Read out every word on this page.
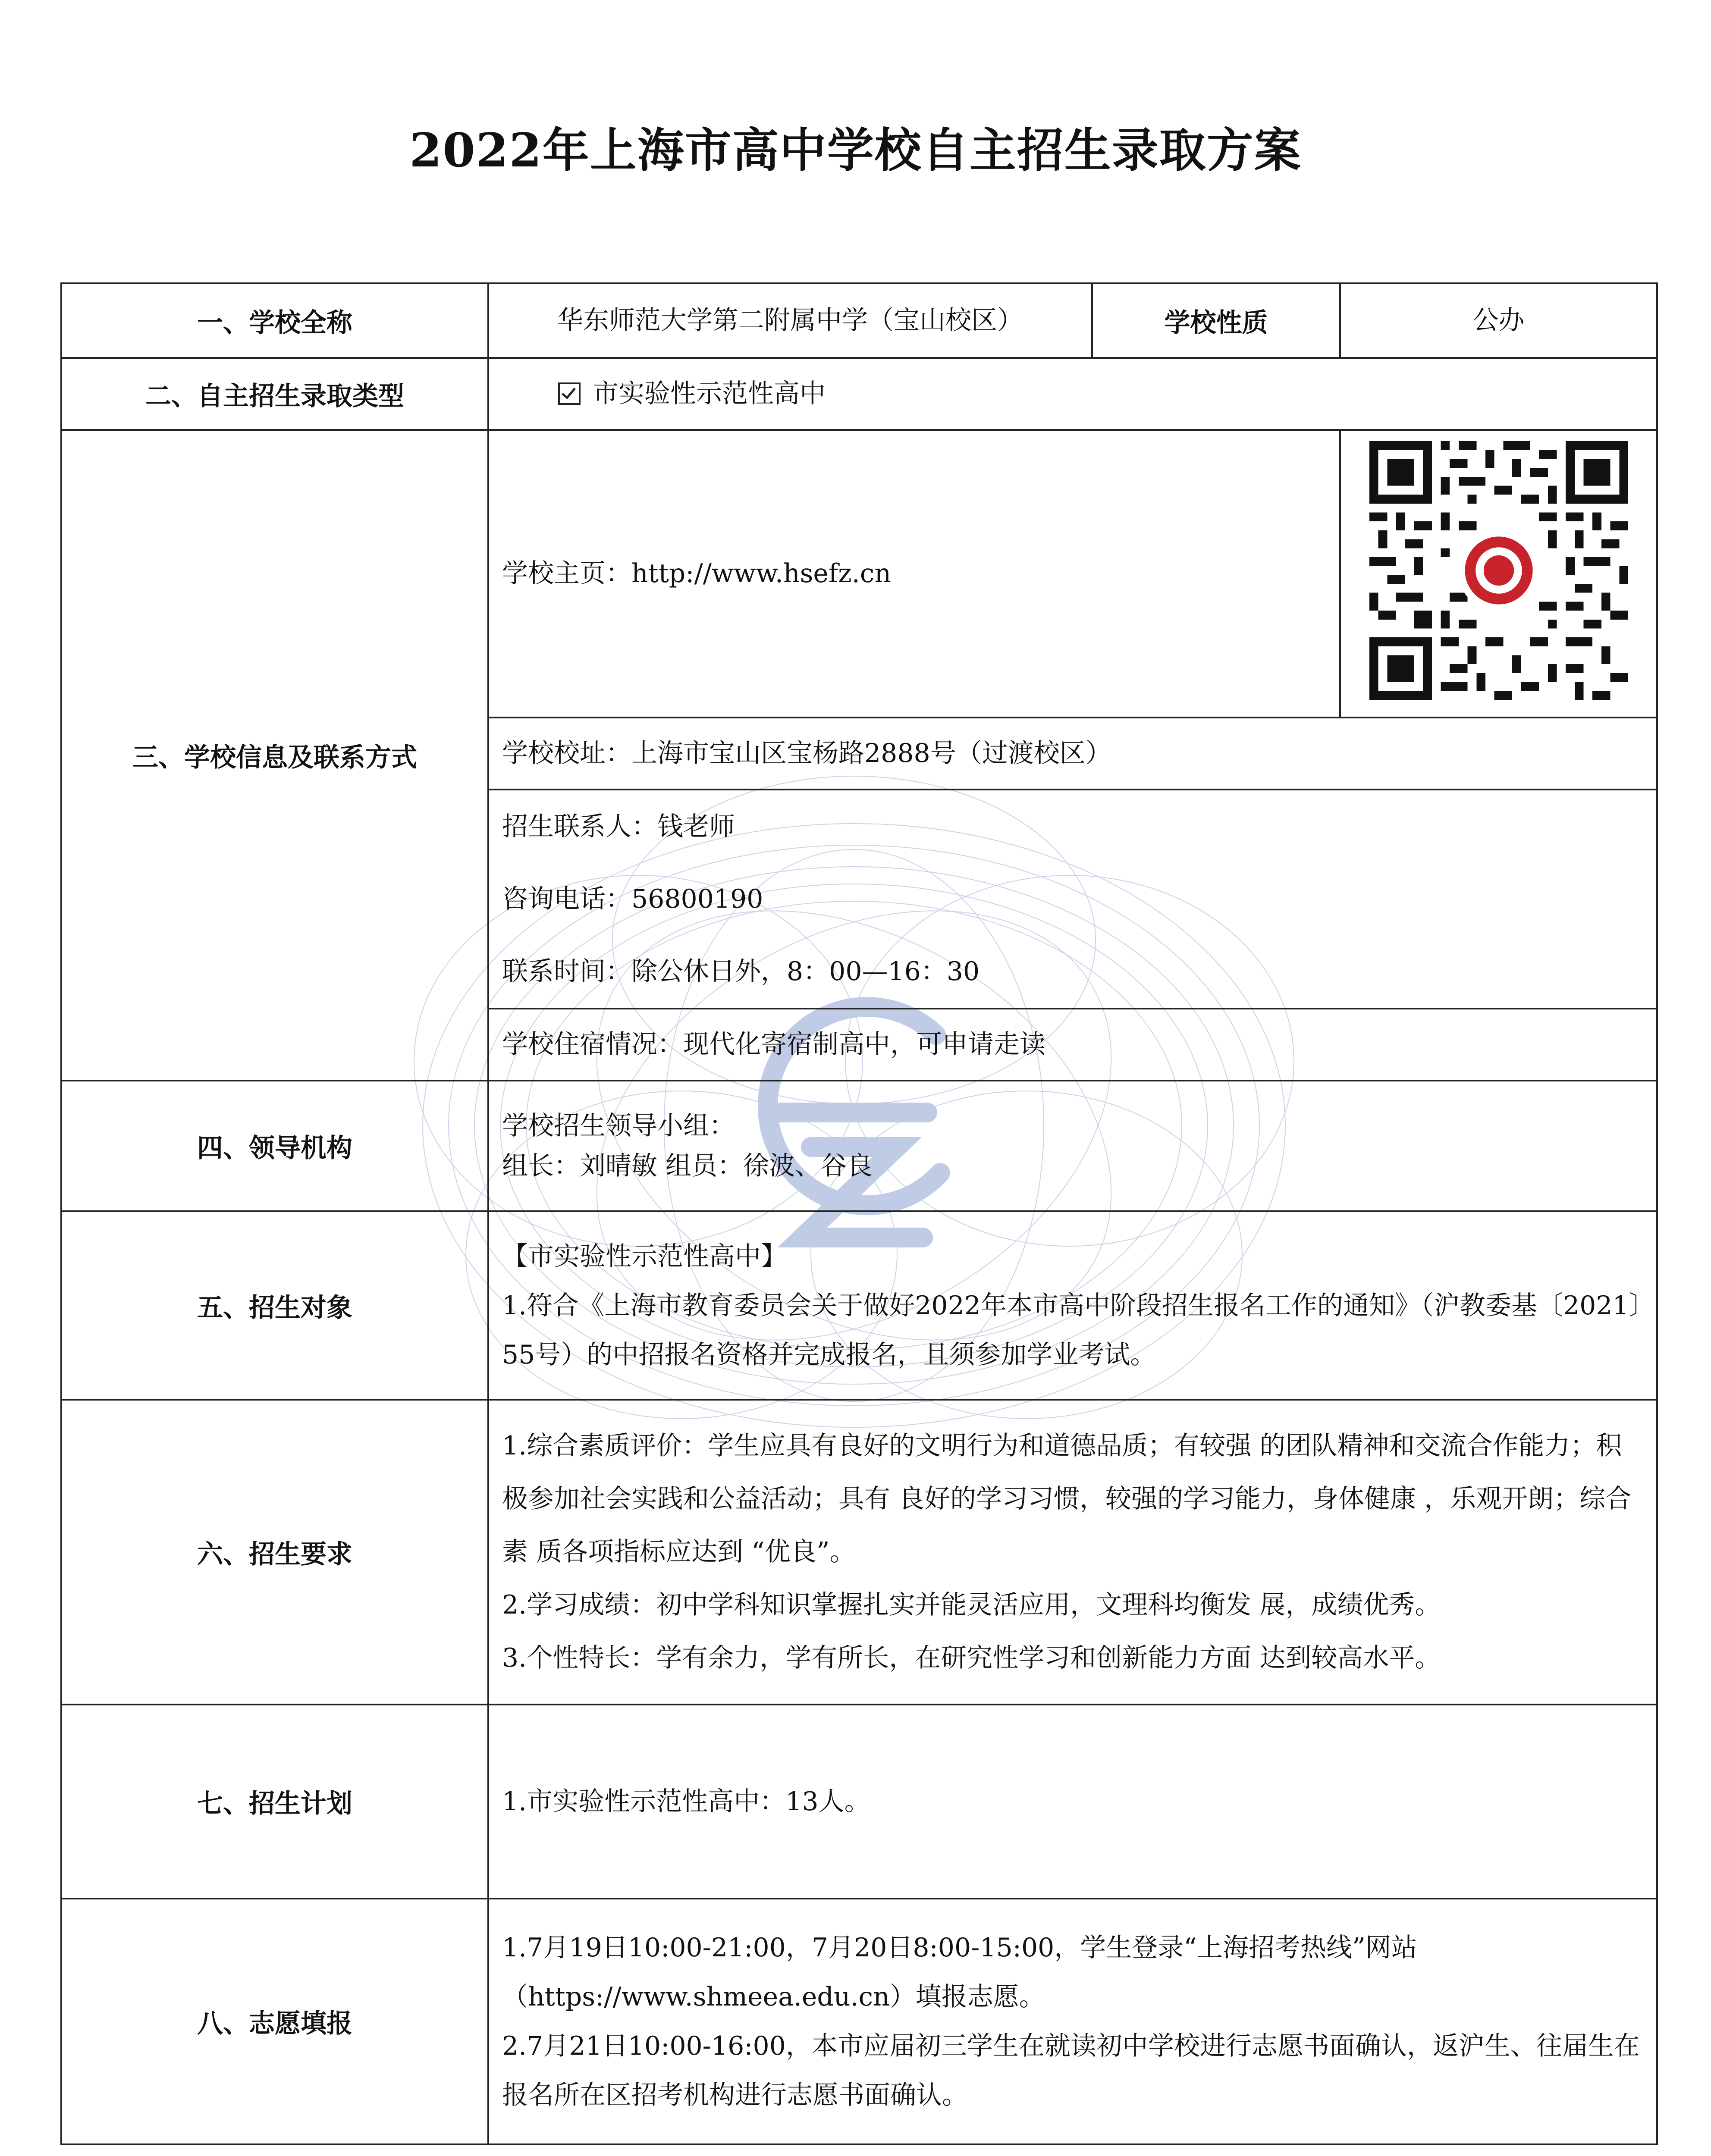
2022年上海市高中学校自主招生录取方案
一、学校全称	华东师范大学第二附属中学（宝山校区）	学校性质	公办
二、自主招生录取类型	市实验性示范性高中		
三、学校信息及联系方式	学校主页：http://www.hsefz.cn	
	学校校址：上海市宝山区宝杨路2888号（过渡校区）		

	招生联系人：钱老师
咨询电话：56800190
联系时间：除公休日外，8：00—16：30		

	学校住宿情况：现代化寄宿制高中，可申请走读		
四、领导机构	学校招生领导小组：
组长：刘晴敏 组员：徐波、谷良		

五、招生对象	【市实验性示范性高中】
1.符合《上海市教育委员会关于做好2022年本市高中阶段招生报名工作的通知》（沪教委基〔2021〕55号）的中招报名资格并完成报名，且须参加学业考试。		

六、招生要求	1.综合素质评价：学生应具有良好的文明行为和道德品质；有较强 的团队精神和交流合作能力；积极参加社会实践和公益活动；具有 良好的学习习惯，较强的学习能力，身体健康 ，乐观开朗；综合素 质各项指标应达到 “优良”。
2.学习成绩：初中学科知识掌握扎实并能灵活应用，文理科均衡发 展，成绩优秀。
3.个性特长：学有余力，学有所长，在研究性学习和创新能力方面 达到较高水平。		

七、招生计划	1.市实验性示范性高中：13人。		
八、志愿填报	1.7月19日10:00-21:00，7月20日8:00-15:00，学生登录“上海招考热线”网站（https://www.shmeea.edu.cn）填报志愿。
2.7月21日10:00-16:00，本市应届初三学生在就读初中学校进行志愿书面确认，返沪生、往届生在报名所在区招考机构进行志愿书面确认。		
